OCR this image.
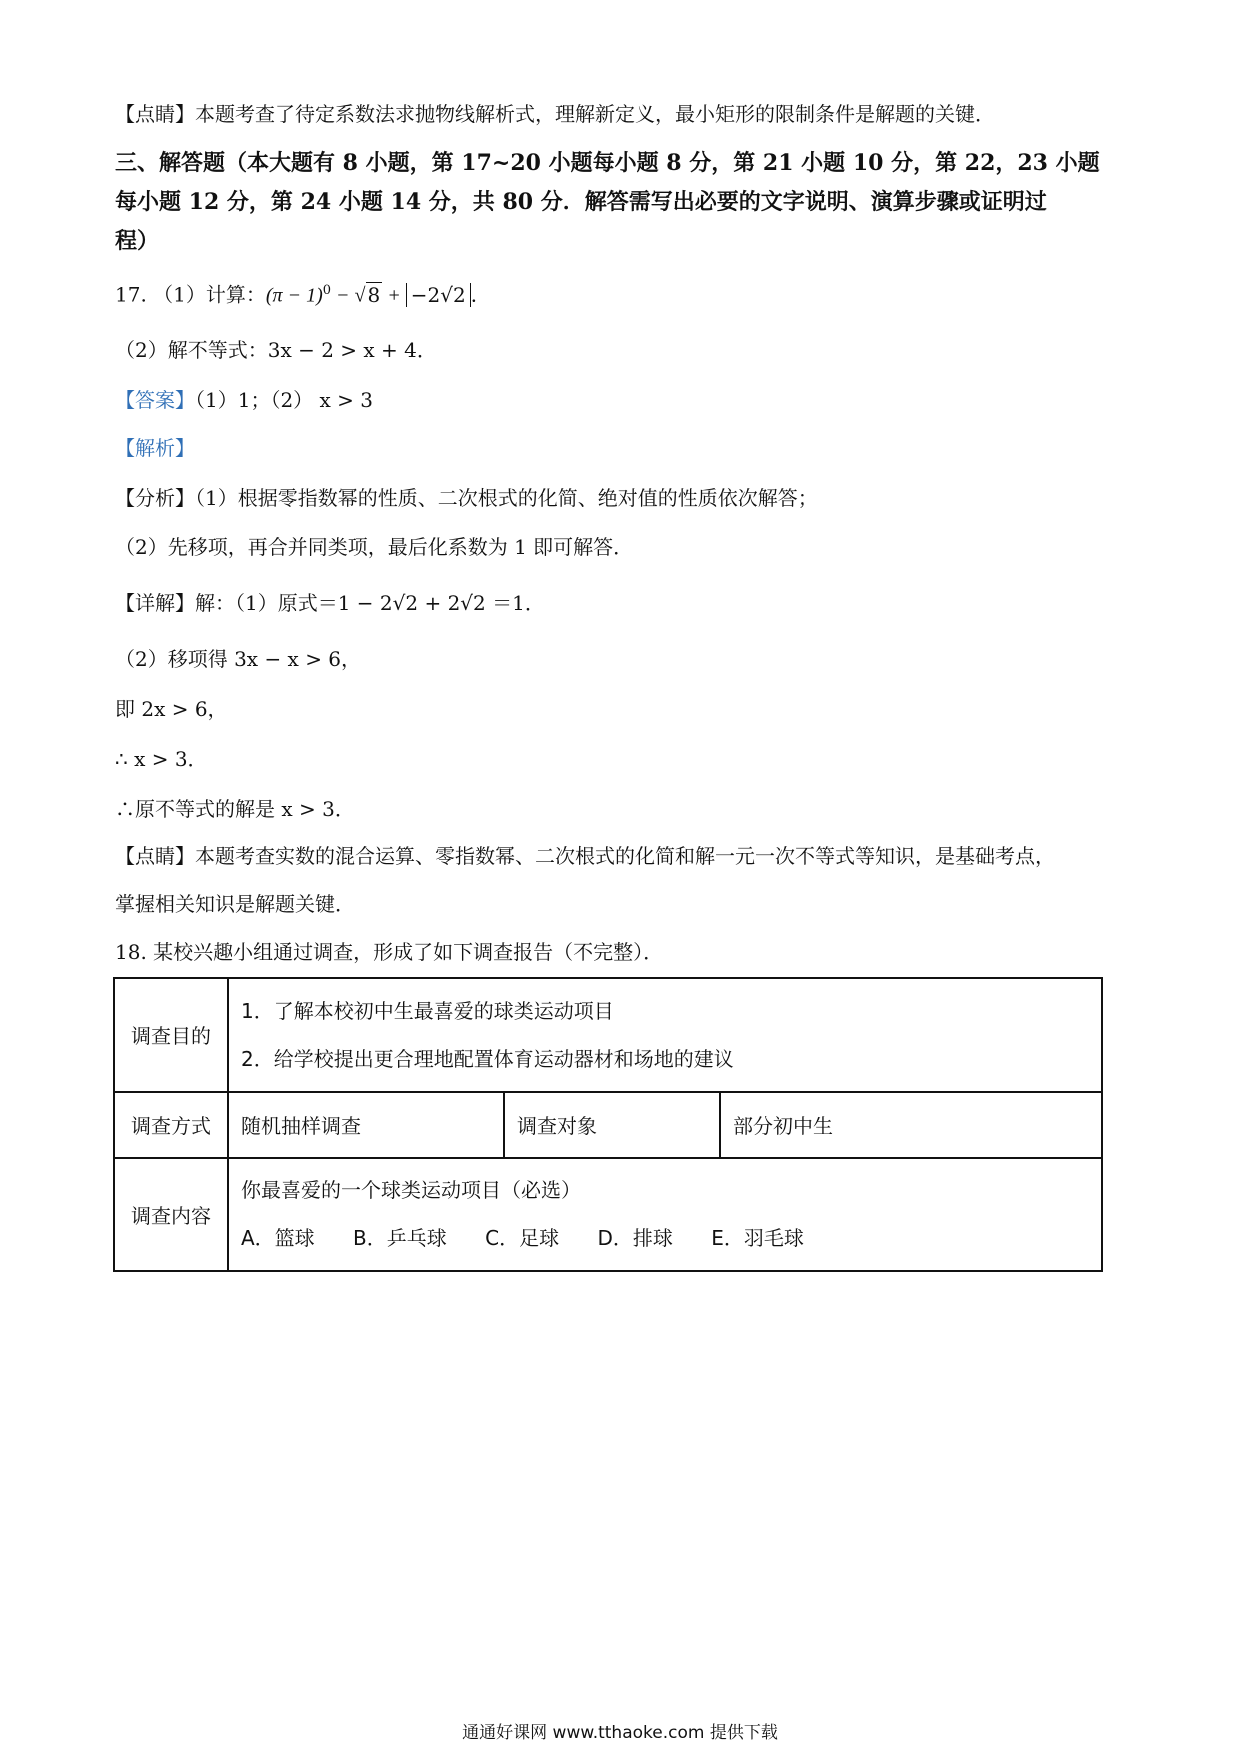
【点睛】本题考查了待定系数法求抛物线解析式，理解新定义，最小矩形的限制条件是解题的关键．
三、解答题（本大题有 8 小题，第 17~20 小题每小题 8 分，第 21 小题 10 分，第 22，23 小题
每小题 12 分，第 24 小题 14 分，共 80 分．解答需写出必要的文字说明、演算步骤或证明过
程）
17. （1）计算：$(\pi - 1)^0$ − √ 8 + −2√2 ．
（2）解不等式：3x − 2 > x + 4．
【答案】（1）1；（2） x > 3
【解析】
【分析】（1）根据零指数幂的性质、二次根式的化简、绝对值的性质依次解答；
（2）先移项，再合并同类项，最后化系数为 1 即可解答．
【详解】解：（1）原式＝1 − 2√2 + 2√2 ＝1．
（2）移项得 3x − x > 6，
即 2x > 6，
∴ x > 3．
∴原不等式的解是 x > 3．
【点睛】本题考查实数的混合运算、零指数幂、二次根式的化简和解一元一次不等式等知识，是基础考点，
掌握相关知识是解题关键．
18. 某校兴趣小组通过调查，形成了如下调查报告（不完整）．
调查目的	1．了解本校初中生最喜爱的球类运动项目
2．给学校提出更合理地配置体育运动器材和场地的建议		

调查方式	随机抽样调查	调查对象	部分初中生
调查内容	你最喜爱的一个球类运动项目（必选）
A．篮球 B．乒乓球 C．足球 D．排球 E．羽毛球		
通通好课网 www.tthaoke.com 提供下载
